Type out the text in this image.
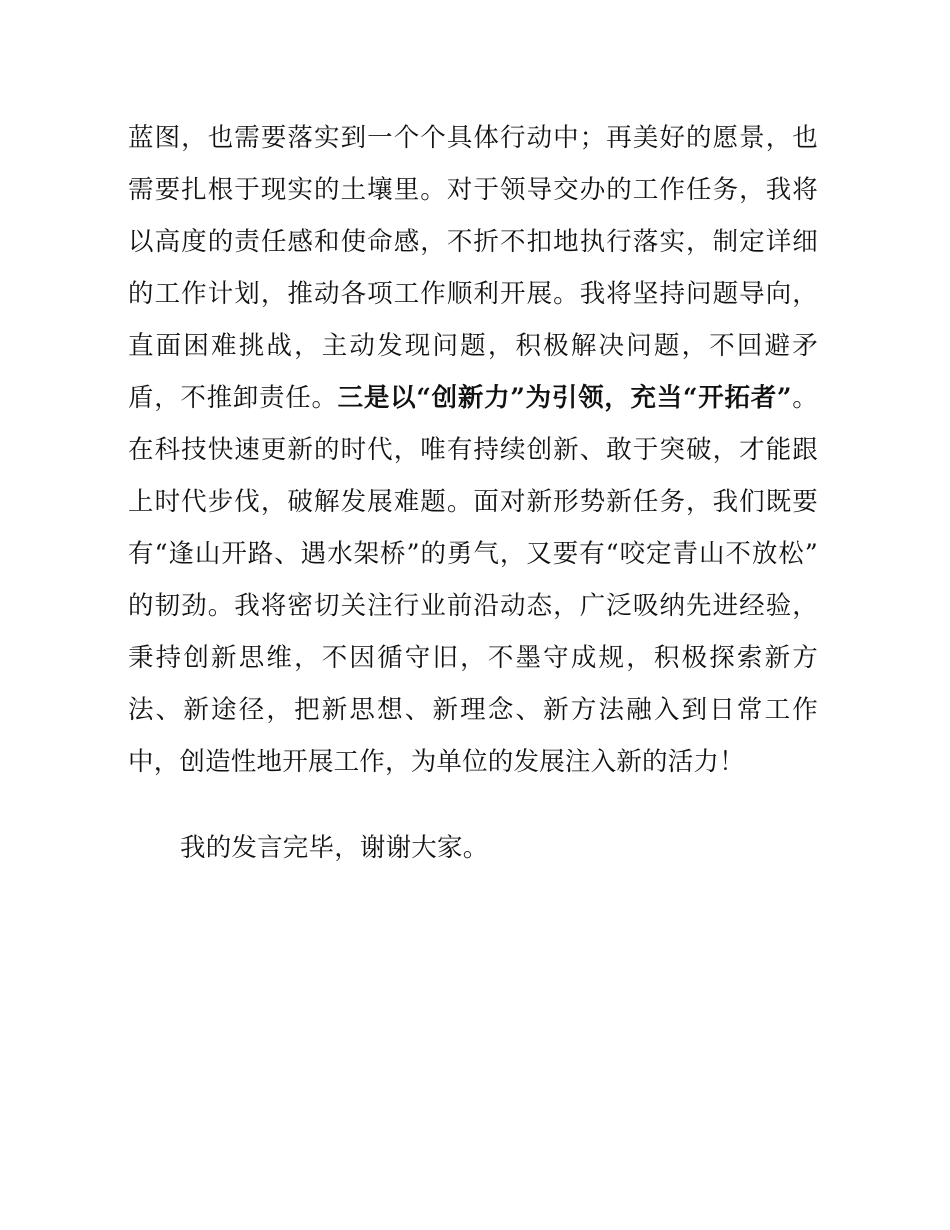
蓝图，也需要落实到一个个具体行动中；再美好的愿景，也需要扎根于现实的土壤里。对于领导交办的工作任务，我将以高度的责任感和使命感，不折不扣地执行落实，制定详细的工作计划，推动各项工作顺利开展。我将坚持问题导向，直面困难挑战，主动发现问题，积极解决问题，不回避矛盾，不推卸责任。三是以“创新力”为引领，充当“开拓者”。在科技快速更新的时代，唯有持续创新、敢于突破，才能跟上时代步伐，破解发展难题。面对新形势新任务，我们既要有“逢山开路、遇水架桥”的勇气，又要有“咬定青山不放松”的韧劲。我将密切关注行业前沿动态，广泛吸纳先进经验，秉持创新思维，不因循守旧，不墨守成规，积极探索新方法、新途径，把新思想、新理念、新方法融入到日常工作中，创造性地开展工作，为单位的发展注入新的活力！

我的发言完毕，谢谢大家。
